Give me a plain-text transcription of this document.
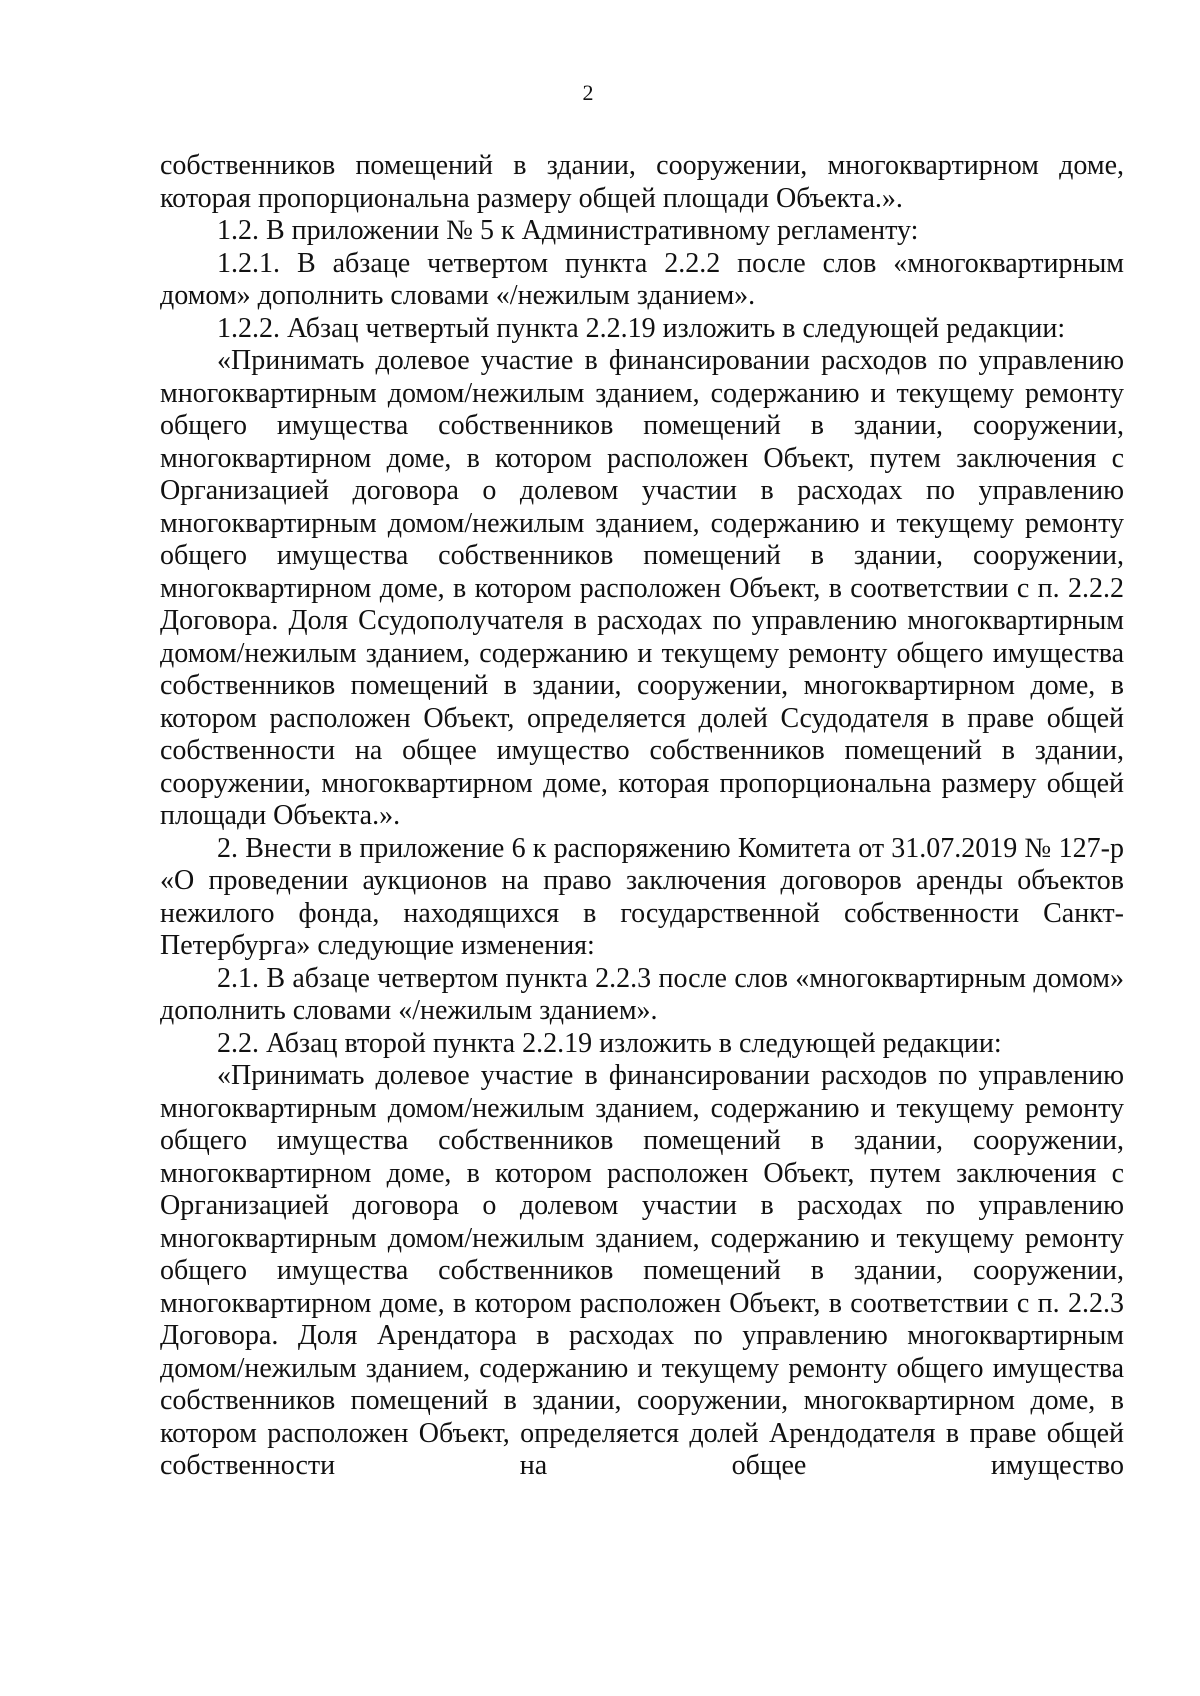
2

собственников помещений в здании, сооружении, многоквартирном доме, которая пропорциональна размеру общей площади Объекта.».

1.2. В приложении № 5 к Административному регламенту:

1.2.1. В абзаце четвертом пункта 2.2.2 после слов «многоквартирным домом» дополнить словами «/нежилым зданием».

1.2.2. Абзац четвертый пункта 2.2.19 изложить в следующей редакции:

«Принимать долевое участие в финансировании расходов по управлению многоквартирным домом/нежилым зданием, содержанию и текущему ремонту общего имущества собственников помещений в здании, сооружении, многоквартирном доме, в котором расположен Объект, путем заключения с Организацией договора о долевом участии в расходах по управлению многоквартирным домом/нежилым зданием, содержанию и текущему ремонту общего имущества собственников помещений в здании, сооружении, многоквартирном доме, в котором расположен Объект, в соответствии с п. 2.2.2 Договора. Доля Ссудополучателя в расходах по управлению многоквартирным домом/нежилым зданием, содержанию и текущему ремонту общего имущества собственников помещений в здании, сооружении, многоквартирном доме, в котором расположен Объект, определяется долей Ссудодателя в праве общей собственности на общее имущество собственников помещений в здании, сооружении, многоквартирном доме, которая пропорциональна размеру общей площади Объекта.».

2. Внести в приложение 6 к распоряжению Комитета от 31.07.2019 № 127-р «О проведении аукционов на право заключения договоров аренды объектов нежилого фонда, находящихся в государственной собственности Санкт-Петербурга» следующие изменения:

2.1. В абзаце четвертом пункта 2.2.3 после слов «многоквартирным домом» дополнить словами «/нежилым зданием».

2.2. Абзац второй пункта 2.2.19 изложить в следующей редакции:

«Принимать долевое участие в финансировании расходов по управлению многоквартирным домом/нежилым зданием, содержанию и текущему ремонту общего имущества собственников помещений в здании, сооружении, многоквартирном доме, в котором расположен Объект, путем заключения с Организацией договора о долевом участии в расходах по управлению многоквартирным домом/нежилым зданием, содержанию и текущему ремонту общего имущества собственников помещений в здании, сооружении, многоквартирном доме, в котором расположен Объект, в соответствии с п. 2.2.3 Договора. Доля Арендатора в расходах по управлению многоквартирным домом/нежилым зданием, содержанию и текущему ремонту общего имущества собственников помещений в здании, сооружении, многоквартирном доме, в котором расположен Объект, определяется долей Арендодателя в праве общей собственности на общее имущество
